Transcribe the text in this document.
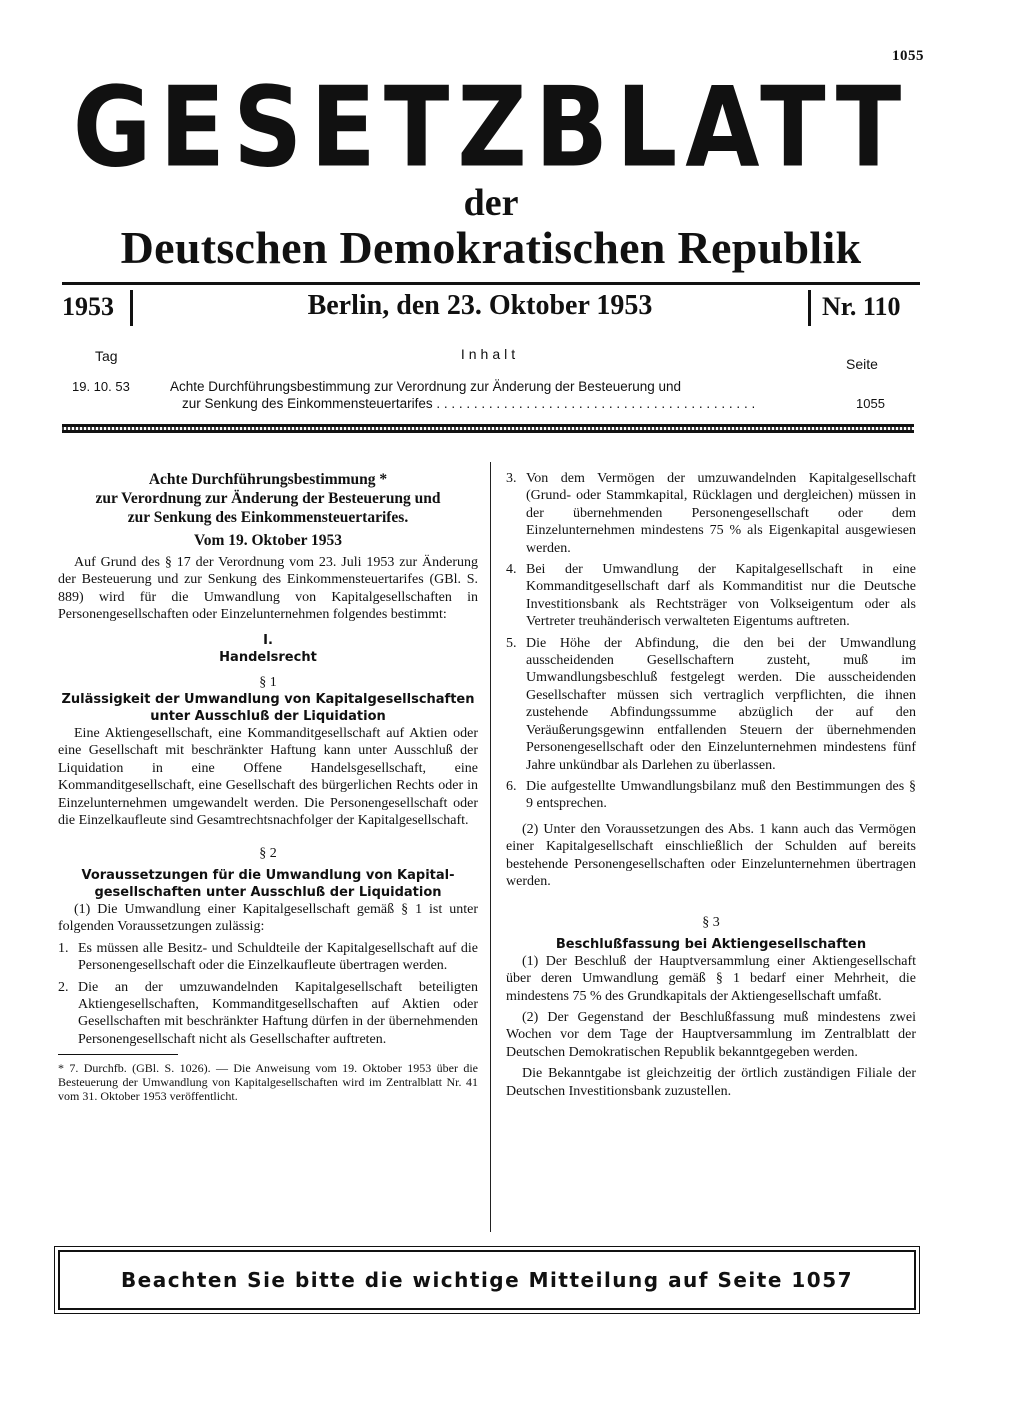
1055
GESETZBLATT
der
Deutschen Demokratischen Republik
1953	Berlin, den 23. Oktober 1953	Nr. 110
Tag	Inhalt
Seite
19. 10. 53	Achte Durchführungsbestimmung zur Verordnung zur Änderung der Besteuerung und
zur Senkung des Einkommensteuertarifes . . . . . . . . . . . . . . . . . . . . . . . . . . . . . . . . . . . . . . . . . . .	1055
Achte Durchführungsbestimmung *
zur Verordnung zur Änderung der Besteuerung und
zur Senkung des Einkommensteuertarifes.
Vom 19. Oktober 1953

Auf Grund des § 17 der Verordnung vom 23. Juli 1953 zur Änderung der Besteuerung und zur Senkung des Einkommensteuertarifes (GBl. S. 889) wird für die Umwandlung von Kapitalgesellschaften in Personengesellschaften oder Einzelunternehmen folgendes bestimmt:

I.
Handelsrecht
§ 1
Zulässigkeit der Umwandlung von Kapitalgesellschaften
unter Ausschluß der Liquidation

Eine Aktiengesellschaft, eine Kommanditgesellschaft auf Aktien oder eine Gesellschaft mit beschränkter Haftung kann unter Ausschluß der Liquidation in eine Offene Handelsgesellschaft, eine Kommanditgesellschaft, eine Gesellschaft des bürgerlichen Rechts oder in Einzelunternehmen umgewandelt werden. Die Personengesellschaft oder die Einzelkaufleute sind Gesamtrechtsnachfolger der Kapitalgesellschaft.

§ 2
Voraussetzungen für die Umwandlung von Kapital-
gesellschaften unter Ausschluß der Liquidation

(1) Die Umwandlung einer Kapitalgesellschaft gemäß § 1 ist unter folgenden Voraussetzungen zulässig:

1. Es müssen alle Besitz- und Schuldteile der Kapitalgesellschaft auf die Personengesellschaft oder die Einzelkaufleute übertragen werden.
2. Die an der umzuwandelnden Kapitalgesellschaft beteiligten Aktiengesellschaften, Kommanditgesellschaften auf Aktien oder Gesellschaften mit beschränkter Haftung dürfen in der übernehmenden Personengesellschaft nicht als Gesellschafter auftreten.

* 7. Durchfb. (GBl. S. 1026). — Die Anweisung vom 19. Oktober 1953 über die Besteuerung der Umwandlung von Kapitalgesellschaften wird im Zentralblatt Nr. 41 vom 31. Oktober 1953 veröffentlicht.

3. Von dem Vermögen der umzuwandelnden Kapitalgesellschaft (Grund- oder Stammkapital, Rücklagen und dergleichen) müssen in der übernehmenden Personengesellschaft oder dem Einzelunternehmen mindestens 75 % als Eigenkapital ausgewiesen werden.
4. Bei der Umwandlung der Kapitalgesellschaft in eine Kommanditgesellschaft darf als Kommanditist nur die Deutsche Investitionsbank als Rechtsträger von Volkseigentum oder als Vertreter treuhänderisch verwalteten Eigentums auftreten.
5. Die Höhe der Abfindung, die den bei der Umwandlung ausscheidenden Gesellschaftern zusteht, muß im Umwandlungsbeschluß festgelegt werden. Die ausscheidenden Gesellschafter müssen sich vertraglich verpflichten, die ihnen zustehende Abfindungssumme abzüglich der auf den Veräußerungsgewinn entfallenden Steuern der übernehmenden Personengesellschaft oder den Einzelunternehmen mindestens fünf Jahre unkündbar als Darlehen zu überlassen.
6. Die aufgestellte Umwandlungsbilanz muß den Bestimmungen des § 9 entsprechen.

(2) Unter den Voraussetzungen des Abs. 1 kann auch das Vermögen einer Kapitalgesellschaft einschließlich der Schulden auf bereits bestehende Personengesellschaften oder Einzelunternehmen übertragen werden.

§ 3
Beschlußfassung bei Aktiengesellschaften

(1) Der Beschluß der Hauptversammlung einer Aktiengesellschaft über deren Umwandlung gemäß § 1 bedarf einer Mehrheit, die mindestens 75 % des Grundkapitals der Aktiengesellschaft umfaßt.

(2) Der Gegenstand der Beschlußfassung muß mindestens zwei Wochen vor dem Tage der Hauptversammlung im Zentralblatt der Deutschen Demokratischen Republik bekanntgegeben werden.

Die Bekanntgabe ist gleichzeitig der örtlich zuständigen Filiale der Deutschen Investitionsbank zuzustellen.

Beachten Sie bitte die wichtige Mitteilung auf Seite 1057
